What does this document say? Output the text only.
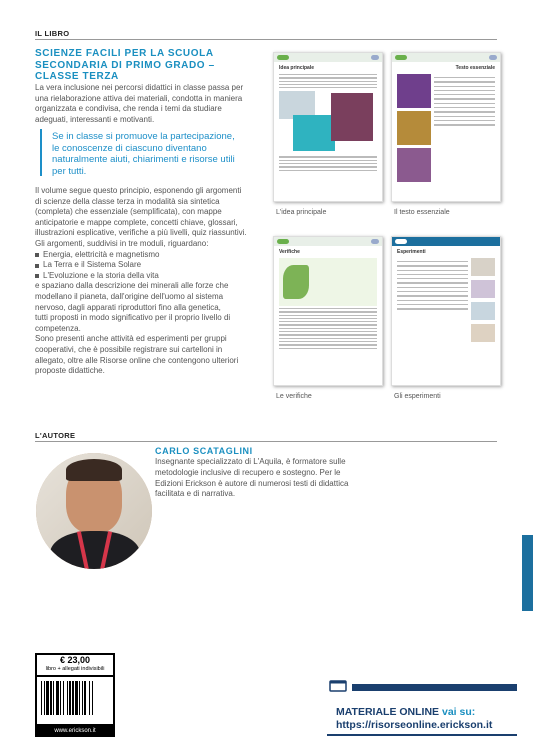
IL LIBRO
SCIENZE FACILI PER LA SCUOLA
SECONDARIA DI PRIMO GRADO –
CLASSE TERZA
La vera inclusione nei percorsi didattici in classe passa per
una rielaborazione attiva dei materiali, condotta in maniera
organizzata e condivisa, che renda i temi da studiare
adeguati, interessanti e motivanti.
Se in classe si promuove la partecipazione,
le conoscenze di ciascuno diventano
naturalmente aiuti, chiarimenti e risorse utili
per tutti.
Il volume segue questo principio, esponendo gli argomenti
di scienze della classe terza in modalità sia sintetica
(completa) che essenziale (semplificata), con mappe
anticipatorie e mappe complete, concetti chiave, glossari,
illustrazioni esplicative, verifiche a più livelli, quiz riassuntivi.
Gli argomenti, suddivisi in tre moduli, riguardano:
Energia, elettricità e magnetismo
La Terra e il Sistema Solare
L'Evoluzione e la storia della vita
e spaziano dalla descrizione dei minerali alle forze che
modellano il pianeta, dall'origine dell'uomo al sistema
nervoso, dagli apparati riproduttori fino alla genetica,
tutti proposti in modo significativo per il proprio livello di
competenza.
Sono presenti anche attività ed esperimenti per gruppi
cooperativi, che è possibile registrare sui cartelloni in
allegato, oltre alle Risorse online che contengono ulteriori
proposte didattiche.
Idea principale
L'idea principale
Testo essenziale
Il testo essenziale
Verifiche
Le verifiche
Esperimenti
Gli esperimenti
L'AUTORE
CARLO SCATAGLINI
Insegnante specializzato di L'Aquila, è formatore sulle
metodologie inclusive di recupero e sostegno. Per le
Edizioni Erickson è autore di numerosi testi di didattica
facilitata e di narrativa.
€ 23,00
libro + allegati indivisibili
www.erickson.it
MATERIALE ONLINE vai su:
https://risorseonline.erickson.it
